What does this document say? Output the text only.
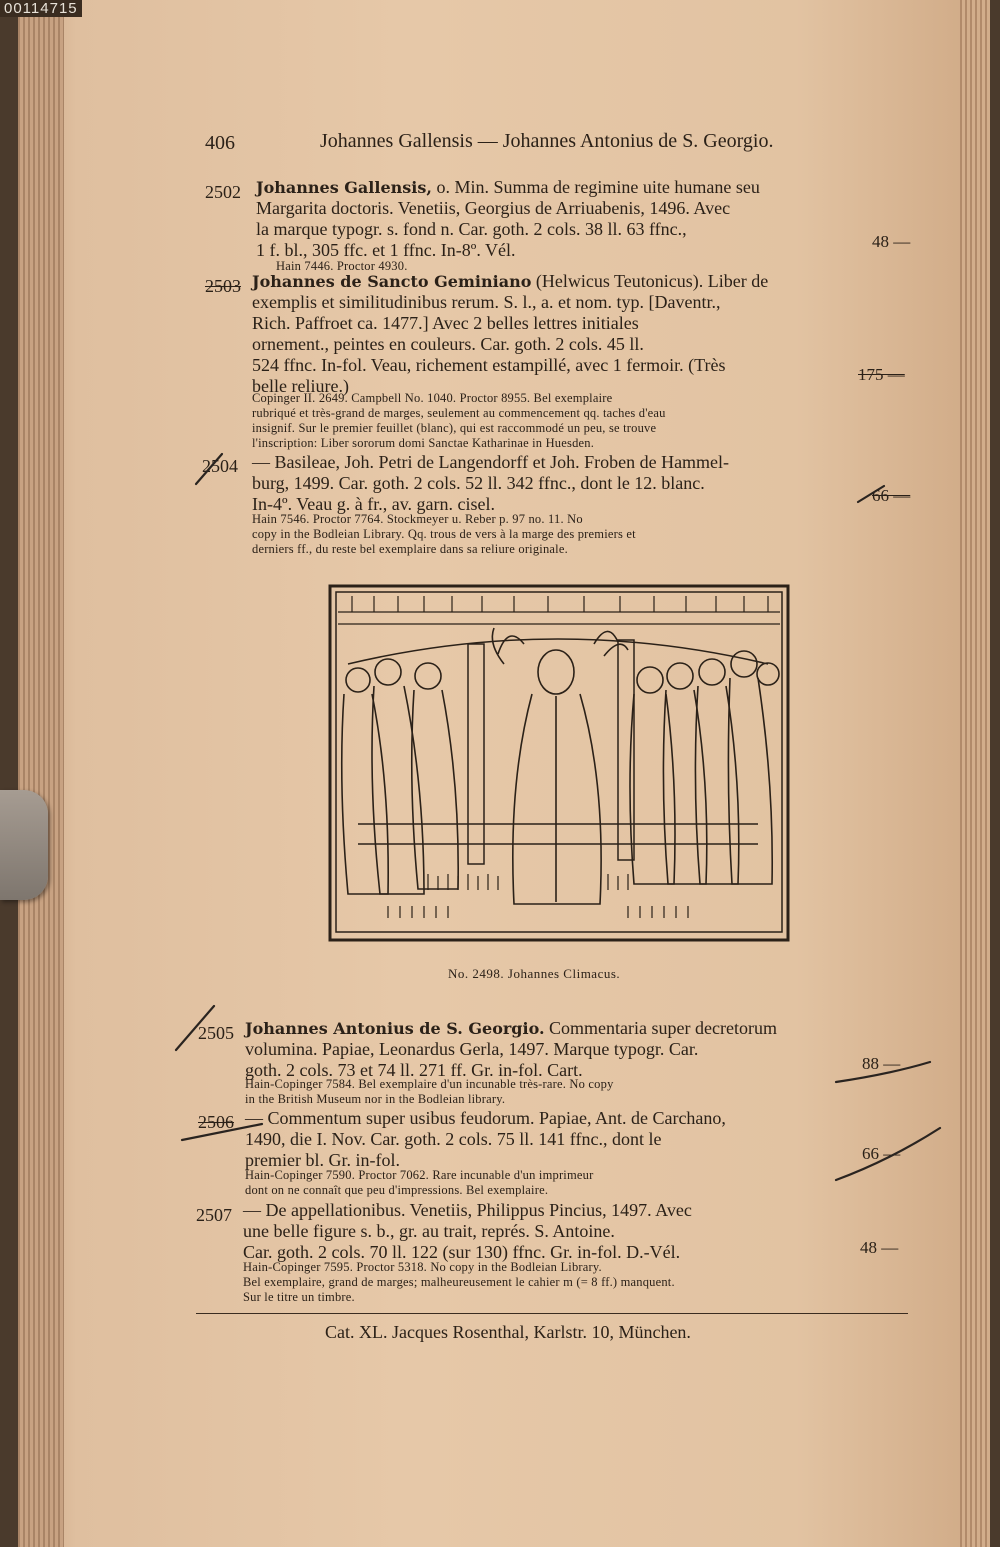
00114715
406	Johannes Gallensis — Johannes Antonius de S. Georgio.
2502 Johannes Gallensis, o. Min. Summa de regimine uite humane seu
Margarita doctoris. Venetiis, Georgius de Arriuabenis, 1496. Avec
la marque typogr. s. fond n. Car. goth. 2 cols. 38 ll. 63 ffnc.,
1 f. bl., 305 ffc. et 1 ffnc. In-8º. Vél.
Hain 7446. Proctor 4930.
48 —
2503 Johannes de Sancto Geminiano (Helwicus Teutonicus). Liber de
exemplis et similitudinibus rerum. S. l., a. et nom. typ. [Daventr.,
Rich. Paffroet ca. 1477.] Avec 2 belles lettres initiales
ornement., peintes en couleurs. Car. goth. 2 cols. 45 ll.
524 ffnc. In-fol. Veau, richement estampillé, avec 1 fermoir. (Très
belle reliure.)
Copinger II. 2649. Campbell No. 1040. Proctor 8955. Bel exemplaire
rubriqué et très-grand de marges, seulement au commencement qq. taches d'eau
insignif. Sur le premier feuillet (blanc), qui est raccommodé un peu, se trouve
l'inscription: Liber sororum domi Sanctae Katharinae in Huesden.
175 —
2504 — Basileae, Joh. Petri de Langendorff et Joh. Froben de Hammel-
burg, 1499. Car. goth. 2 cols. 52 ll. 342 ffnc., dont le 12. blanc.
In-4º. Veau g. à fr., av. garn. cisel.
Hain 7546. Proctor 7764. Stockmeyer u. Reber p. 97 no. 11. No
copy in the Bodleian Library. Qq. trous de vers à la marge des premiers et
derniers ff., du reste bel exemplaire dans sa reliure originale.
66 —
No. 2498. Johannes Climacus.
2505 Johannes Antonius de S. Georgio. Commentaria super decretorum
volumina. Papiae, Leonardus Gerla, 1497. Marque typogr. Car.
goth. 2 cols. 73 et 74 ll. 271 ff. Gr. in-fol. Cart.
Hain-Copinger 7584. Bel exemplaire d'un incunable très-rare. No copy
in the British Museum nor in the Bodleian library.
88 —
2506 — Commentum super usibus feudorum. Papiae, Ant. de Carchano,
1490, die I. Nov. Car. goth. 2 cols. 75 ll. 141 ffnc., dont le
premier bl. Gr. in-fol.
Hain-Copinger 7590. Proctor 7062. Rare incunable d'un imprimeur
dont on ne connaît que peu d'impressions. Bel exemplaire.
66 —
2507 — De appellationibus. Venetiis, Philippus Pincius, 1497. Avec
une belle figure s. b., gr. au trait, représ. S. Antoine.
Car. goth. 2 cols. 70 ll. 122 (sur 130) ffnc. Gr. in-fol. D.-Vél.
Hain-Copinger 7595. Proctor 5318. No copy in the Bodleian Library.
Bel exemplaire, grand de marges; malheureusement le cahier m (= 8 ff.) manquent.
Sur le titre un timbre.
48 —
Cat. XL. Jacques Rosenthal, Karlstr. 10, München.
